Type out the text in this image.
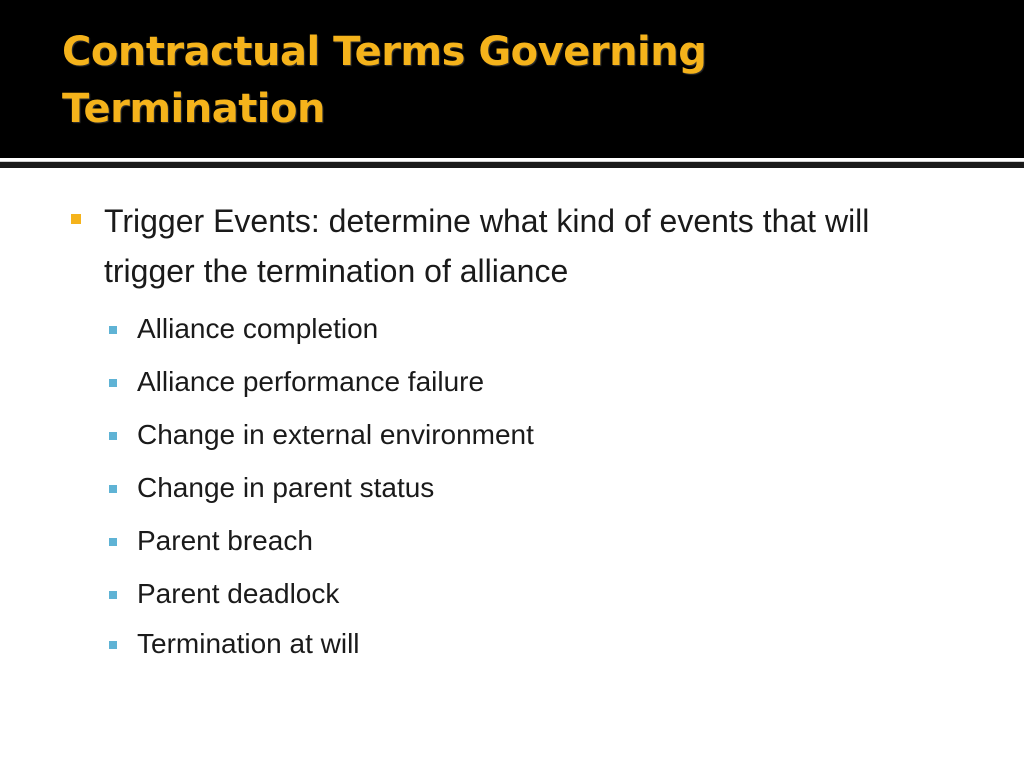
Contractual Terms Governing
Termination
Trigger Events: determine what kind of events that will trigger the termination of alliance
Alliance completion
Alliance performance failure
Change in external environment
Change in parent status
Parent breach
Parent deadlock
Termination at will
